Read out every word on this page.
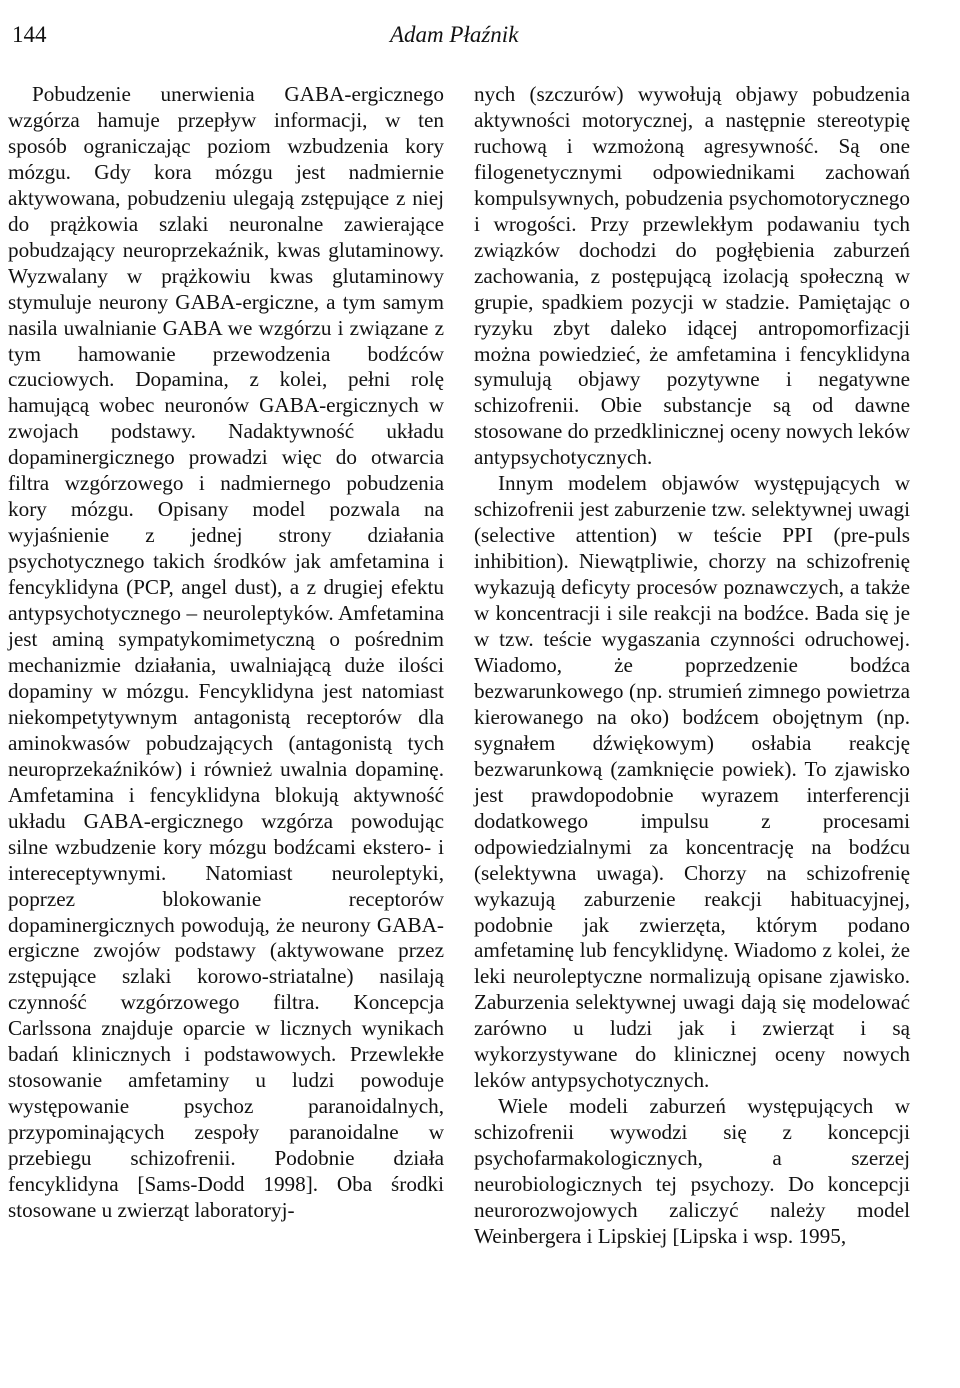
144	Adam Płaźnik

Pobudzenie unerwienia GABA-ergicznego wzgórza hamuje przepływ informacji, w ten sposób ograniczając poziom wzbudzenia kory mózgu. Gdy kora mózgu jest nadmiernie aktywowana, pobudzeniu ulegają zstępujące z niej do prążkowia szlaki neuronalne zawierające pobudzający neuroprzekaźnik, kwas glutaminowy. Wyzwalany w prążkowiu kwas glutaminowy stymuluje neurony GABA-ergiczne, a tym samym nasila uwalnianie GABA we wzgórzu i związane z tym hamowanie przewodzenia bodźców czuciowych. Dopamina, z kolei, pełni rolę hamującą wobec neuronów GABA-ergicznych w zwojach podstawy. Nadaktywność układu dopaminergicznego prowadzi więc do otwarcia filtra wzgórzowego i nadmiernego pobudzenia kory mózgu. Opisany model pozwala na wyjaśnienie z jednej strony działania psychotycznego takich środków jak amfetamina i fencyklidyna (PCP, angel dust), a z drugiej efektu antypsychotycznego – neuroleptyków. Amfetamina jest aminą sympatykomimetyczną o pośrednim mechanizmie działania, uwalniającą duże ilości dopaminy w mózgu. Fencyklidyna jest natomiast niekompetytywnym antagonistą receptorów dla aminokwasów pobudzających (antagonistą tych neuroprzekaźników) i również uwalnia dopaminę. Amfetamina i fencyklidyna blokują aktywność układu GABA-ergicznego wzgórza powodując silne wzbudzenie kory mózgu bodźcami ekstero- i intereceptywnymi. Natomiast neuroleptyki, poprzez blokowanie receptorów dopaminergicznych powodują, że neurony GABA-ergiczne zwojów podstawy (aktywowane przez zstępujące szlaki korowo-striatalne) nasilają czynność wzgórzowego filtra. Koncepcja Carlssona znajduje oparcie w licznych wynikach badań klinicznych i podstawowych. Przewlekłe stosowanie amfetaminy u ludzi powoduje występowanie psychoz paranoidalnych, przypominających zespoły paranoidalne w przebiegu schizofrenii. Podobnie działa fencyklidyna [Sams-Dodd 1998]. Oba środki stosowane u zwierząt laboratoryj-

nych (szczurów) wywołują objawy pobudzenia aktywności motorycznej, a następnie stereotypię ruchową i wzmożoną agresywność. Są one filogenetycznymi odpowiednikami zachowań kompulsywnych, pobudzenia psychomotorycznego i wrogości. Przy przewlekłym podawaniu tych związków dochodzi do pogłębienia zaburzeń zachowania, z postępującą izolacją społeczną w grupie, spadkiem pozycji w stadzie. Pamiętając o ryzyku zbyt daleko idącej antropomorfizacji można powiedzieć, że amfetamina i fencyklidyna symulują objawy pozytywne i negatywne schizofrenii. Obie substancje są od dawne stosowane do przedklinicznej oceny nowych leków antypsychotycznych.

Innym modelem objawów występujących w schizofrenii jest zaburzenie tzw. selektywnej uwagi (selective attention) w teście PPI (pre-puls inhibition). Niewątpliwie, chorzy na schizofrenię wykazują deficyty procesów poznawczych, a także w koncentracji i sile reakcji na bodźce. Bada się je w tzw. teście wygaszania czynności odruchowej. Wiadomo, że poprzedzenie bodźca bezwarunkowego (np. strumień zimnego powietrza kierowanego na oko) bodźcem obojętnym (np. sygnałem dźwiękowym) osłabia reakcję bezwarunkową (zamknięcie powiek). To zjawisko jest prawdopodobnie wyrazem interferencji dodatkowego impulsu z procesami odpowiedzialnymi za koncentrację na bodźcu (selektywna uwaga). Chorzy na schizofrenię wykazują zaburzenie reakcji habituacyjnej, podobnie jak zwierzęta, którym podano amfetaminę lub fencyklidynę. Wiadomo z kolei, że leki neuroleptyczne normalizują opisane zjawisko. Zaburzenia selektywnej uwagi dają się modelować zarówno u ludzi jak i zwierząt i są wykorzystywane do klinicznej oceny nowych leków antypsychotycznych.

Wiele modeli zaburzeń występujących w schizofrenii wywodzi się z koncepcji psychofarmakologicznych, a szerzej neurobiologicznych tej psychozy. Do koncepcji neurorozwojowych zaliczyć należy model Weinbergera i Lipskiej [Lipska i wsp. 1995,
